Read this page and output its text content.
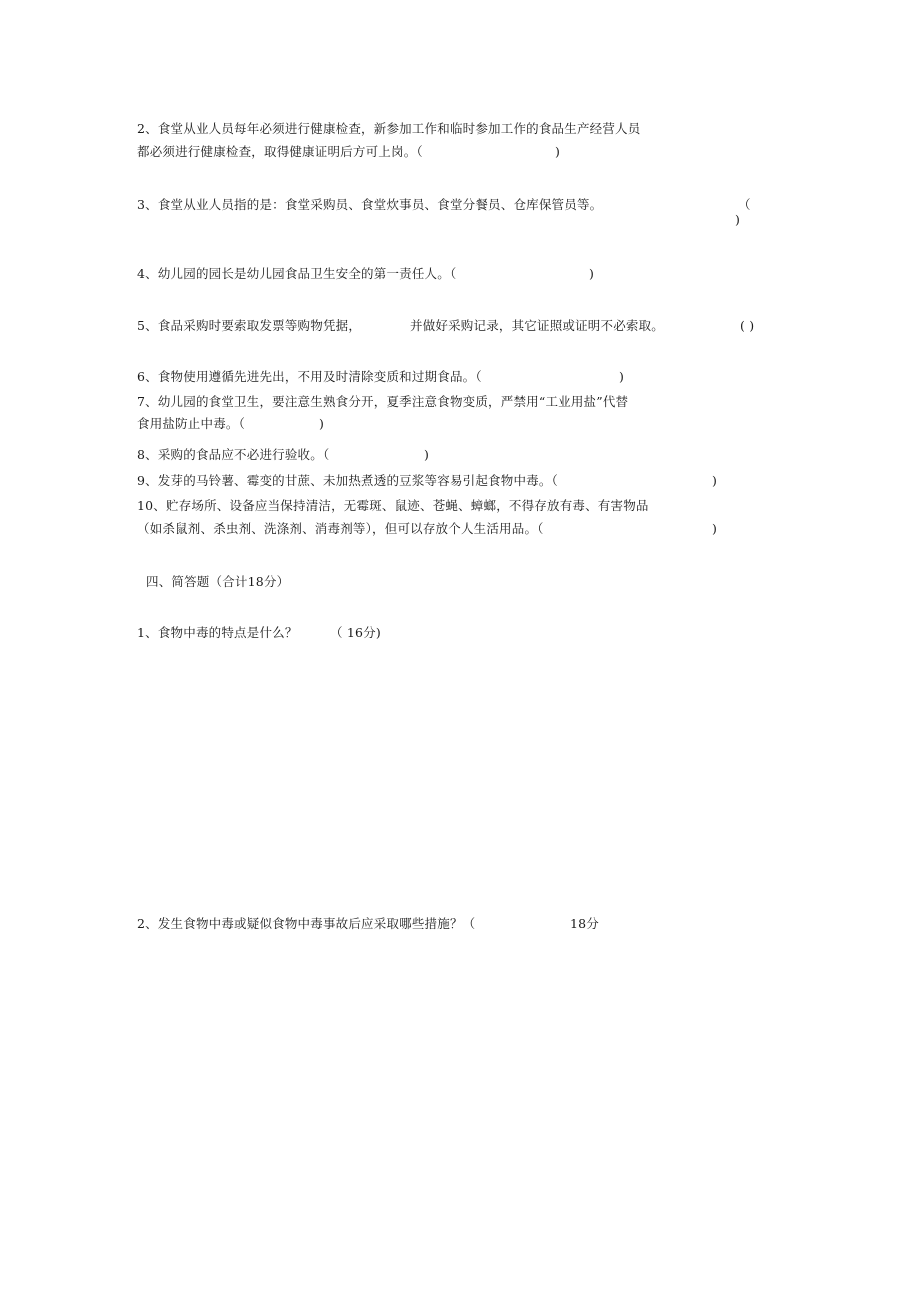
2、食堂从业人员每年必须进行健康检查，新参加工作和临时参加工作的食品生产经营人员
都必须进行健康检查，取得健康证明后方可上岗。（	)
3、食堂从业人员指的是：食堂采购员、食堂炊事员、食堂分餐员、仓库保管员等。	（
)
4、幼儿园的园长是幼儿园食品卫生安全的第一责任人。（	)
5、食品采购时要索取发票等购物凭据，	并做好采购记录，其它证照或证明不必索取。	( )
6、食物使用遵循先进先出，不用及时清除变质和过期食品。（	)
7、幼儿园的食堂卫生，要注意生熟食分开，夏季注意食物变质，严禁用“工业用盐”代替
食用盐防止中毒。（	)
8、采购的食品应不必进行验收。（	)
9、发芽的马铃薯、霉变的甘蔗、未加热煮透的豆浆等容易引起食物中毒。（	)
10、贮存场所、设备应当保持清洁，无霉斑、鼠迹、苍蝇、蟑螂，不得存放有毒、有害物品
（如杀鼠剂、杀虫剂、洗涤剂、消毒剂等），但可以存放个人生活用品。（	)
四、简答题（合计18分）
1、食物中毒的特点是什么？	（ 16分)
2、发生食物中毒或疑似食物中毒事故后应采取哪些措施？（	18分
